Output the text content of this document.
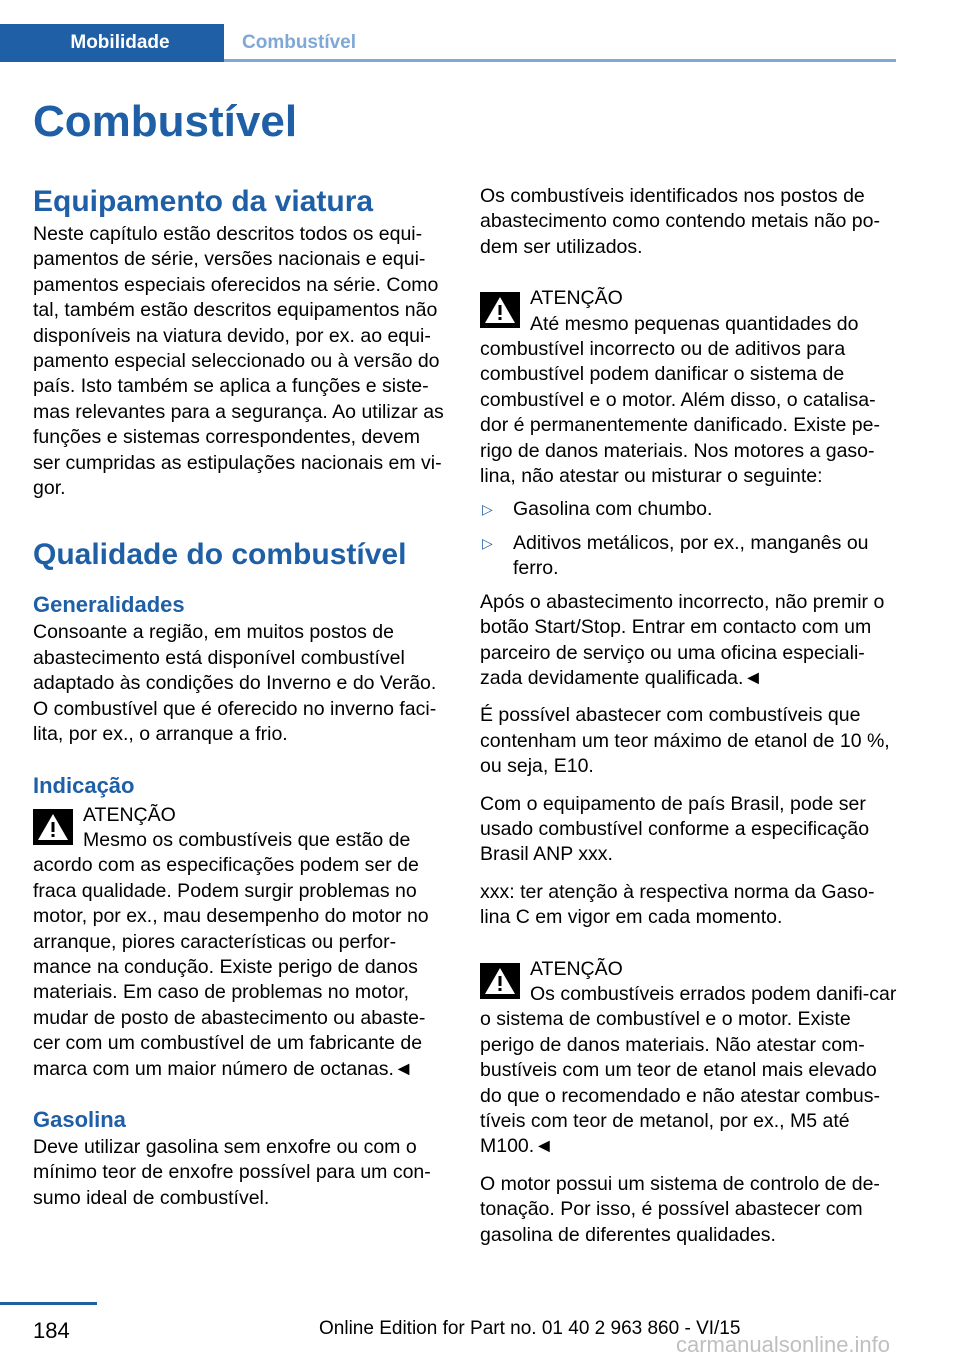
Mobilidade	Combustível
Combustível
Equipamento da viatura

Neste capítulo estão descritos todos os equi-pamentos de série, versões nacionais e equi-pamentos especiais oferecidos na série. Como tal, também estão descritos equipamentos não disponíveis na viatura devido, por ex. ao equi-pamento especial seleccionado ou à versão do país. Isto também se aplica a funções e siste-mas relevantes para a segurança. Ao utilizar as funções e sistemas correspondentes, devem ser cumpridas as estipulações nacionais em vi-gor.

Qualidade do combustível
Generalidades

Consoante a região, em muitos postos de abastecimento está disponível combustível adaptado às condições do Inverno e do Verão. O combustível que é oferecido no inverno faci-lita, por ex., o arranque a frio.

Indicação
ATENÇÃO

Mesmo os combustíveis que estão de acordo com as especificações podem ser de fraca qualidade. Podem surgir problemas no motor, por ex., mau desempenho do motor no arranque, piores características ou perfor-mance na condução. Existe perigo de danos materiais. Em caso de problemas no motor, mudar de posto de abastecimento ou abaste-cer com um combustível de um fabricante de marca com um maior número de octanas.◄

Gasolina

Deve utilizar gasolina sem enxofre ou com o mínimo teor de enxofre possível para um con-sumo ideal de combustível.

Os combustíveis identificados nos postos de abastecimento como contendo metais não po-dem ser utilizados.

ATENÇÃO

Até mesmo pequenas quantidades do combustível incorrecto ou de aditivos para combustível podem danificar o sistema de combustível e o motor. Além disso, o catalisa-dor é permanentemente danificado. Existe pe-rigo de danos materiais. Nos motores a gaso-lina, não atestar ou misturar o seguinte:

▷ Gasolina com chumbo.
▷ Aditivos metálicos, por ex., manganês ou ferro.

Após o abastecimento incorrecto, não premir o botão Start/Stop. Entrar em contacto com um parceiro de serviço ou uma oficina especiali-zada devidamente qualificada.◄

É possível abastecer com combustíveis que contenham um teor máximo de etanol de 10 %, ou seja, E10.

Com o equipamento de país Brasil, pode ser usado combustível conforme a especificação Brasil ANP xxx.

xxx: ter atenção à respectiva norma da Gaso-lina C em vigor em cada momento.

ATENÇÃO

Os combustíveis errados podem danifi-car o sistema de combustível e o motor. Existe perigo de danos materiais. Não atestar com-bustíveis com um teor de etanol mais elevado do que o recomendado e não atestar combus-tíveis com teor de metanol, por ex., M5 até M100.◄

O motor possui um sistema de controlo de de-tonação. Por isso, é possível abastecer com gasolina de diferentes qualidades.

184	Online Edition for Part no. 01 40 2 963 860 - VI/15
carmanualsonline.info
